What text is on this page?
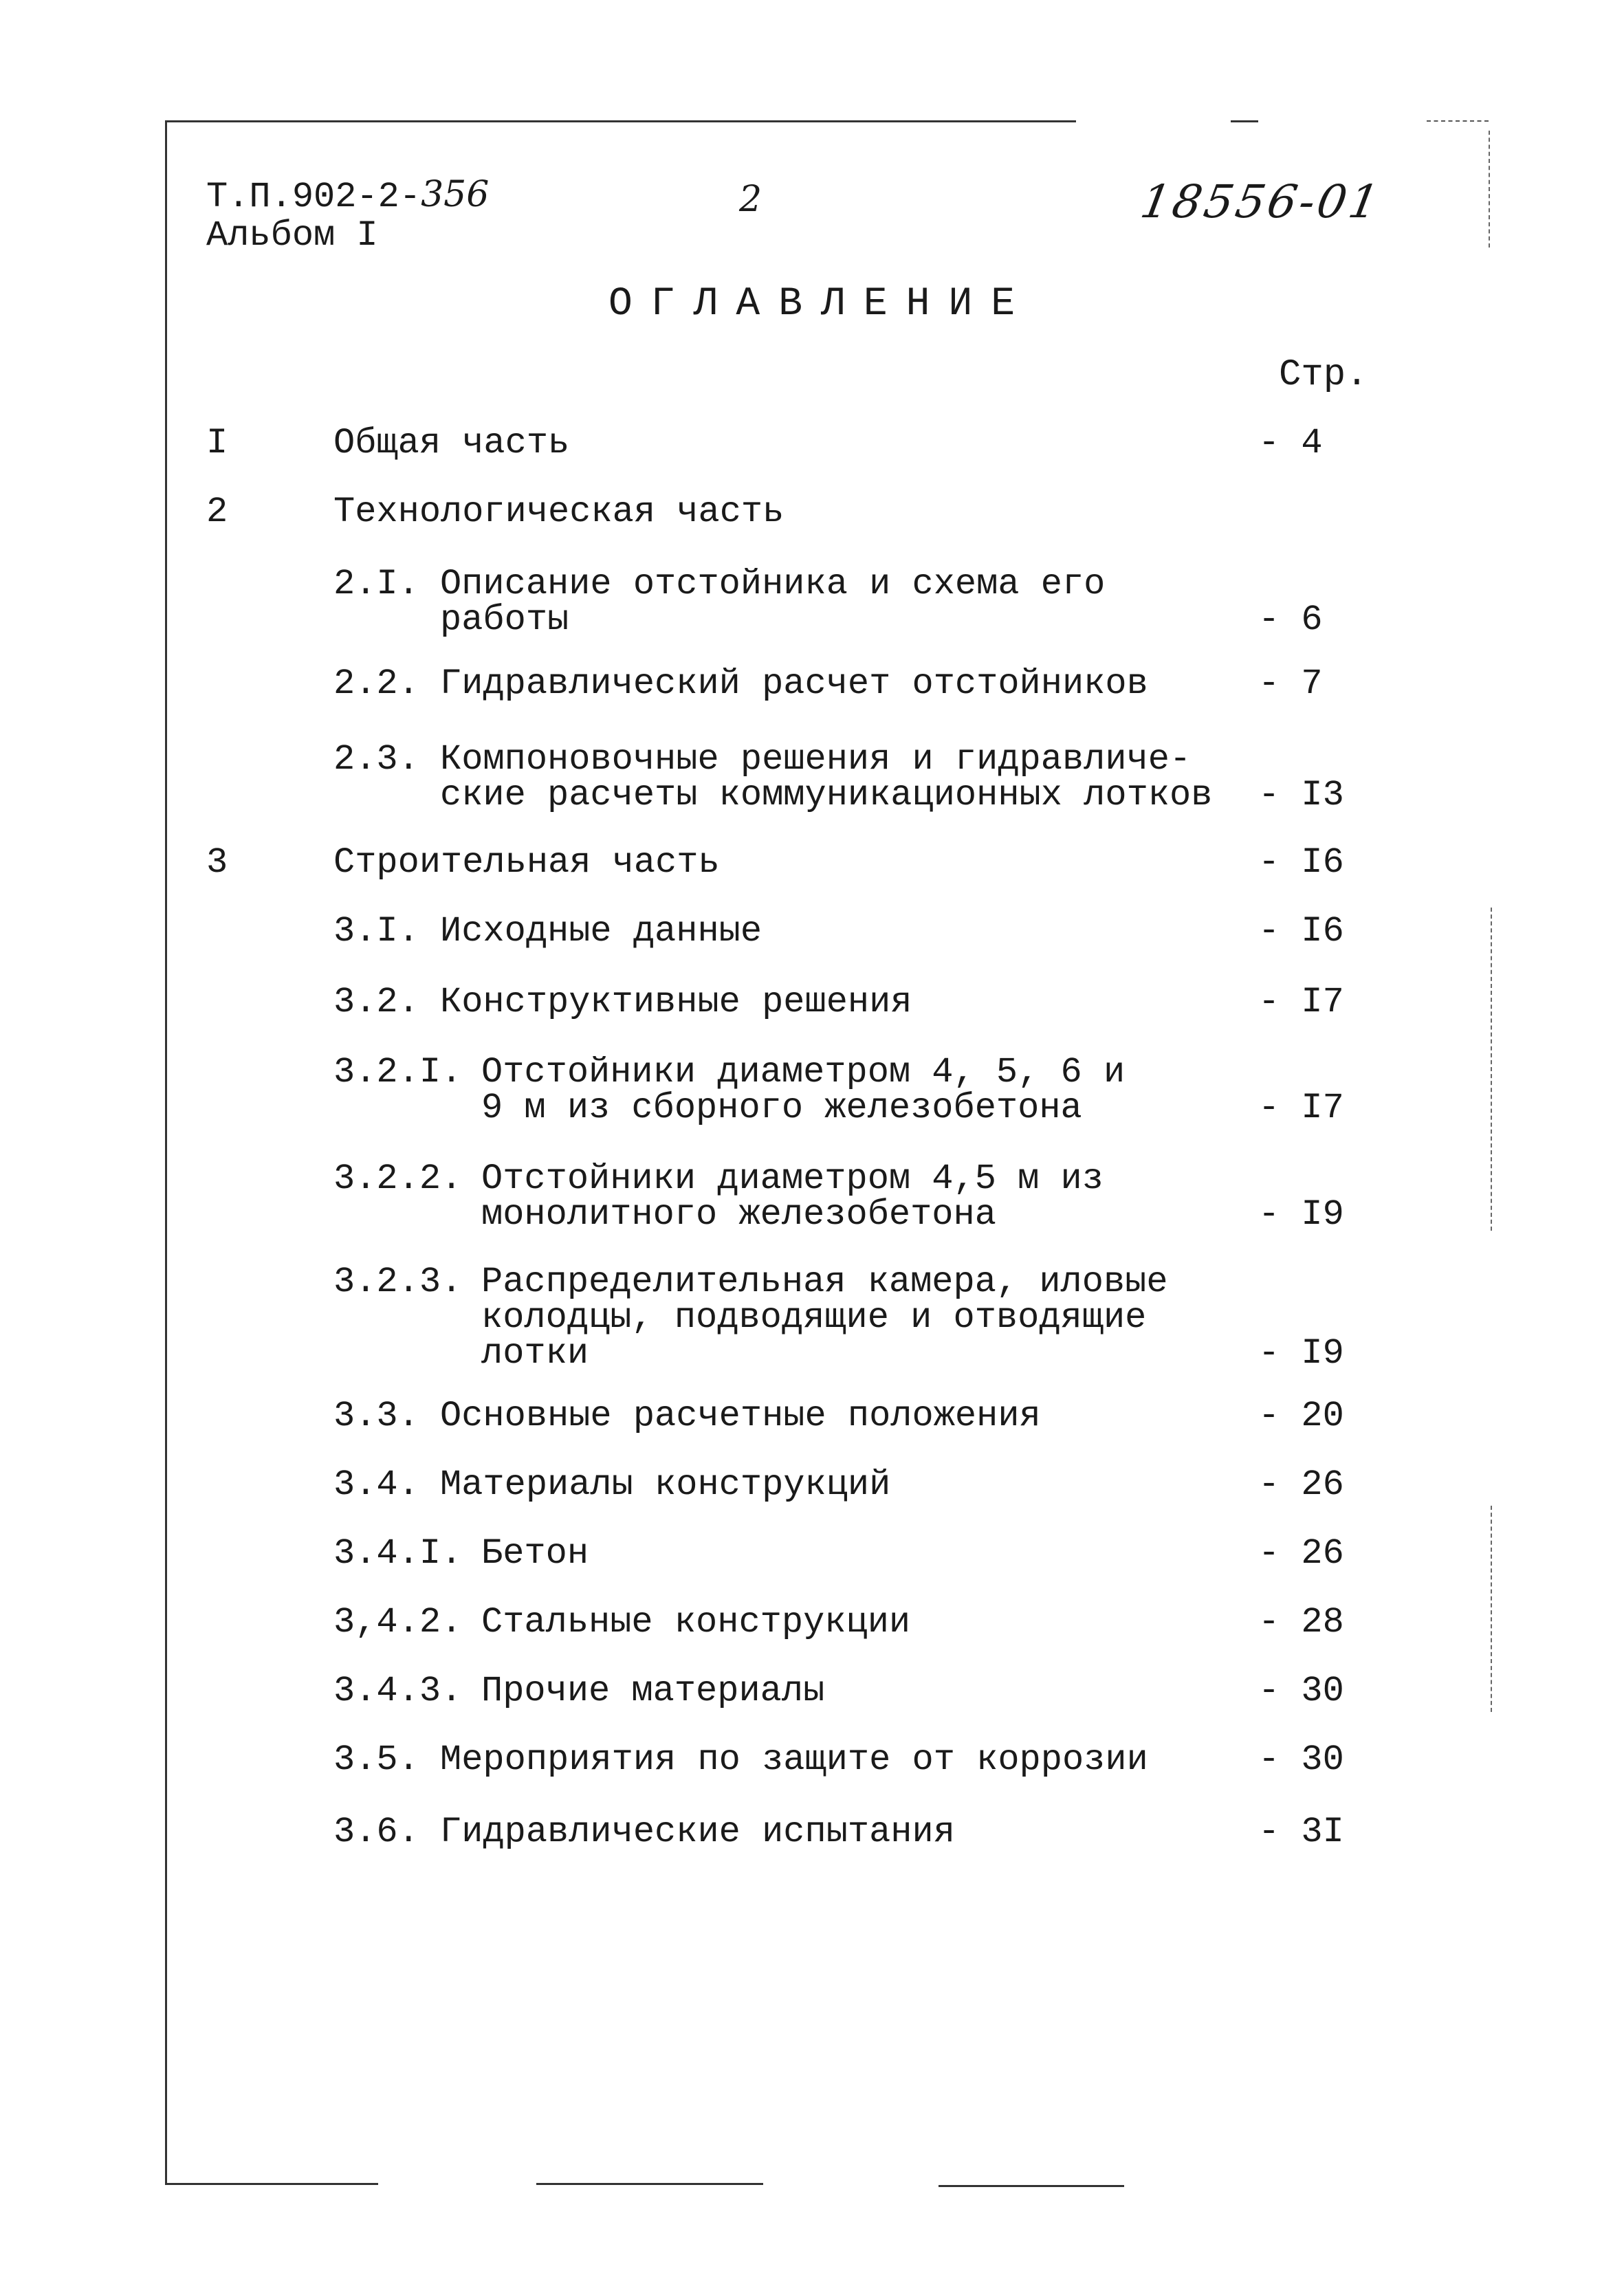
Т.П.902-2-356
Альбом I
2	18556-01
ОГЛАВЛЕНИЕ
Стр.
I	Общая часть	- 4
2	Технологическая часть
2.I. Описание отстойника и схема его
работы	- 6
2.2. Гидравлический расчет отстойников	- 7
2.3. Компоновочные решения и гидравличе-
ские расчеты коммуникационных лотков - I3
3	Строительная часть	- I6
3.I. Исходные данные	- I6
3.2. Конструктивные решения	- I7
3.2.I. Отстойники диаметром 4, 5, 6 и
9 м из сборного железобетона	- I7
3.2.2. Отстойники диаметром 4,5 м из
монолитного железобетона	- I9
3.2.3. Распределительная камера, иловые
колодцы, подводящие и отводящие
лотки	- I9
3.3. Основные расчетные положения	- 20
3.4. Материалы конструкций	- 26
3.4.I. Бетон	- 26
3,4.2. Стальные конструкции	- 28
3.4.3. Прочие материалы	- 30
3.5. Мероприятия по защите от коррозии	- 30
3.6. Гидравлические испытания	- 3I
